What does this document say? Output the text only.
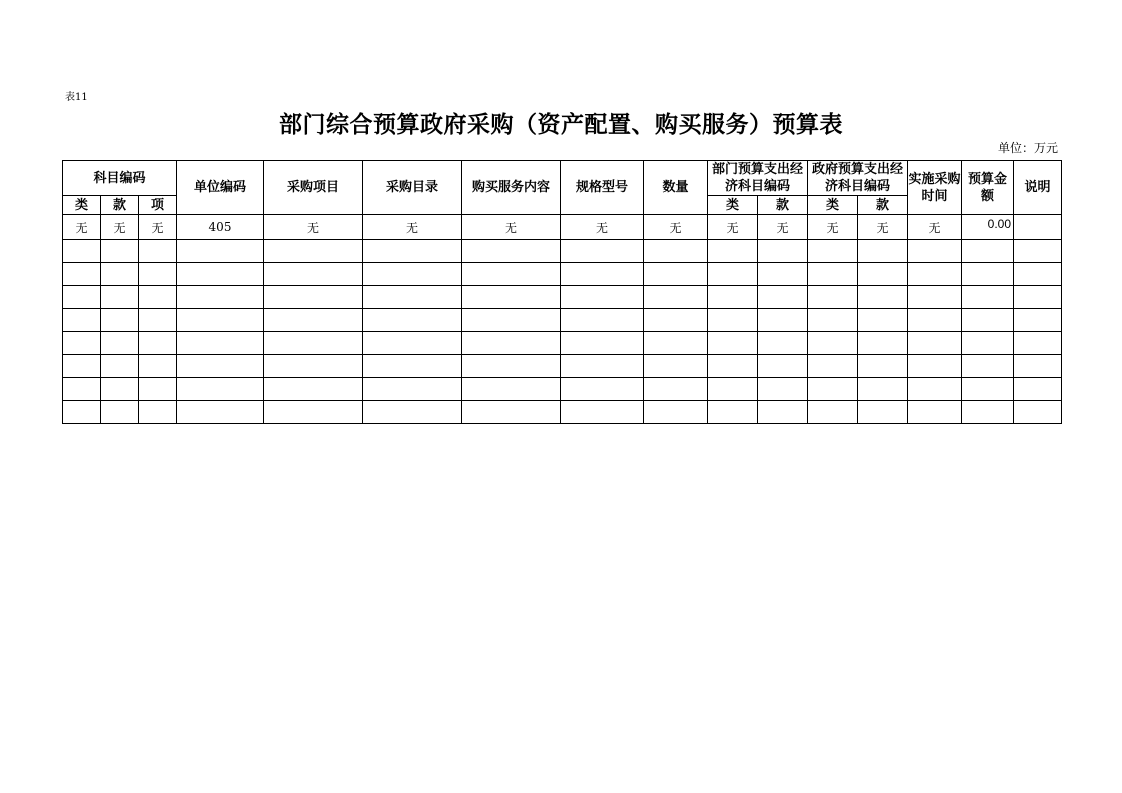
表11
部门综合预算政府采购（资产配置、购买服务）预算表
单位：万元
科目编码			单位编码	采购项目	采购目录	购买服务内容	规格型号	数量	部门预算支出经济科目编码		政府预算支出经济科目编码		实施采购时间	预算金额	说明
类	款	项							类	款	类	款			
无	无	无	405	无	无	无	无	无	无	无	无	无	无	0.00	
